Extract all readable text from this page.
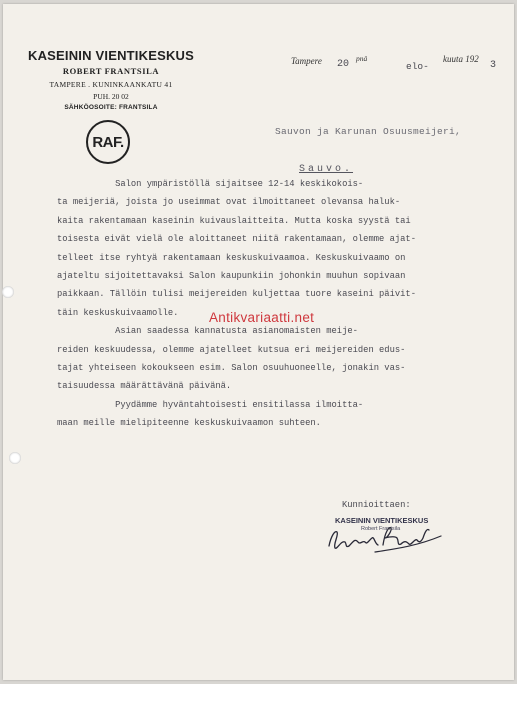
KASEININ VIENTIKESKUS
ROBERT FRANTSILA
TAMPERE . KUNINKAANKATU 41
PUH. 20 02
SÄHKÖOSOITE: FRANTSILA
RAF.
Tampere 20
pnä
elo-
kuuta 192
3
Sauvon ja Karunan Osuusmeijeri,
Sauvo.
Salon ympäristöllä sijaitsee 12-14 keskikokois-
ta meijeriä, joista jo useimmat ovat ilmoittaneet olevansa haluk-
kaita rakentamaan kaseinin kuivauslaitteita. Mutta koska syystä tai
toisesta eivät vielä ole aloittaneet niitä rakentamaan, olemme ajat-
telleet itse ryhtyä rakentamaan keskuskuivaamoa. Keskuskuivaamo on
ajateltu sijoitettavaksi Salon kaupunkiin johonkin muuhun sopivaan
paikkaan. Tällöin tulisi meijereiden kuljettaa tuore kaseini päivit-
täin keskuskuivaamolle.
Asian saadessa kannatusta asianomaisten meije-
reiden keskuudessa, olemme ajatelleet kutsua eri meijereiden edus-
tajat yhteiseen kokoukseen esim. Salon osuuhuoneelle, jonakin vas-
taisuudessa määrättävänä päivänä.
Pyydämme hyväntahtoisesti ensitilassa ilmoitta-
maan meille mielipiteenne keskuskuivaamon suhteen.
Kunnioittaen:
KASEININ VIENTIKESKUS
Robert Frantsila
Antikvariaatti.net
